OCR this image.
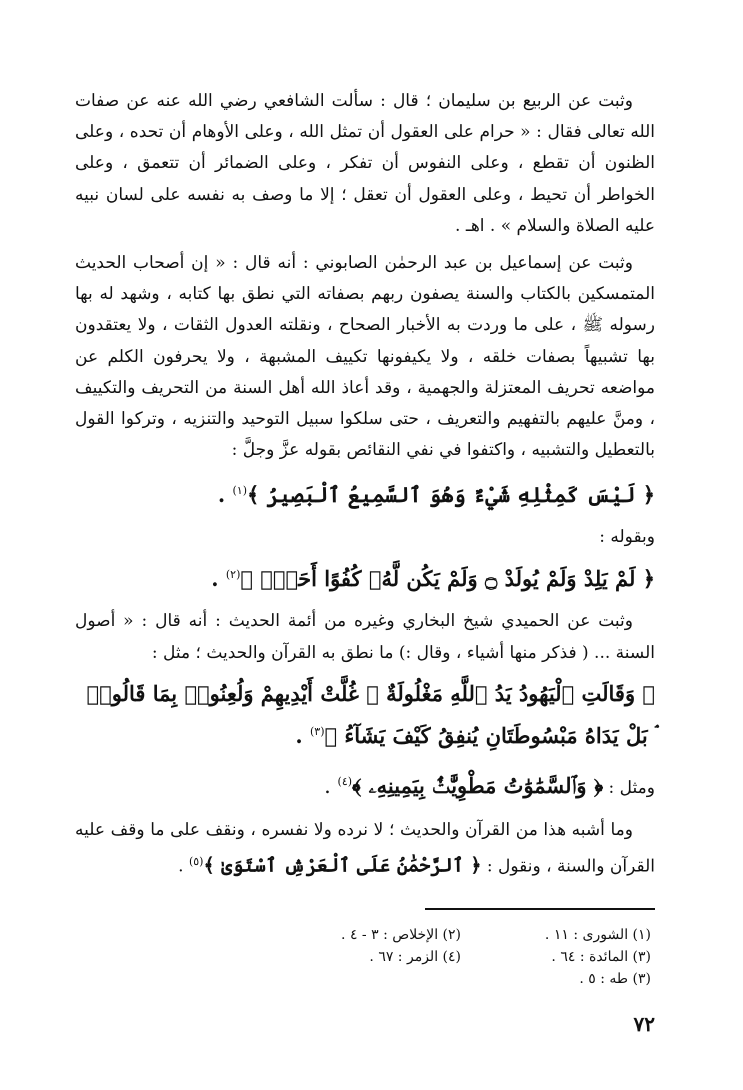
وثبت عن الربيع بن سليمان ؛ قال : سألت الشافعي رضي الله عنه عن صفات الله تعالى فقال : « حرام على العقول أن تمثل الله ، وعلى الأوهام أن تحده ، وعلى الظنون أن تقطع ، وعلى النفوس أن تفكر ، وعلى الضمائر أن تتعمق ، وعلى الخواطر أن تحيط ، وعلى العقول أن تعقل ؛ إلا ما وصف به نفسه على لسان نبيه عليه الصلاة والسلام » . اهـ .

وثبت عن إسماعيل بن عبد الرحمٰن الصابوني : أنه قال : « إن أصحاب الحديث المتمسكين بالكتاب والسنة يصفون ربهم بصفاته التي نطق بها كتابه ، وشهد له بها رسوله ﷺ ، على ما وردت به الأخبار الصحاح ، ونقلته العدول الثقات ، ولا يعتقدون بها تشبيهاً بصفات خلقه ، ولا يكيفونها تكييف المشبهة ، ولا يحرفون الكلم عن مواضعه تحريف المعتزلة والجهمية ، وقد أعاذ الله أهل السنة من التحريف والتكييف ، ومنَّ عليهم بالتفهيم والتعريف ، حتى سلكوا سبيل التوحيد والتنزيه ، وتركوا القول بالتعطيل والتشبيه ، واكتفوا في نفي النقائص بقوله عزَّ وجلَّ :

﴿ لَيْسَ كَمِثْلِهِ شَيْءٌ وَهُوَ ٱلسَّمِيعُ ٱلْبَصِيرُ ﴾$^{(١)}$ .
وبقوله :
﴿ لَمْ يَلِدْ وَلَمْ يُولَدْ ۝ وَلَمْ يَكُن لَّهُۥ كُفُوًا أَحَدٌۢ ﴾$^{(٢)}$ .

وثبت عن الحميدي شيخ البخاري وغيره من أئمة الحديث : أنه قال : « أصول السنة ... ( فذكر منها أشياء ، وقال :) ما نطق به القرآن والحديث ؛ مثل :

﴿ وَقَالَتِ ٱلْيَهُودُ يَدُ ٱللَّهِ مَغْلُولَةٌ ۚ غُلَّتْ أَيْدِيهِمْ وَلُعِنُوا۟ بِمَا قَالُوا۟ ۘ بَلْ يَدَاهُ مَبْسُوطَتَانِ يُنفِقُ كَيْفَ يَشَآءُ ﴾$^{(٣)}$ .
ومثل : ﴿ وَٱلسَّمَٰوَٰتُ مَطْوِيَّٰتٌۢ بِيَمِينِهِۦ ﴾$^{(٤)}$ .

وما أشبه هذا من القرآن والحديث ؛ لا نرده ولا نفسره ، ونقف على ما وقف عليه القرآن والسنة ، ونقول : ﴿ ٱلرَّحْمَٰنُ عَلَى ٱلْعَرْشِ ٱسْتَوَىٰ ﴾$^{(٥)}$ .

(١) الشورى : ١١ .
(٢) الإخلاص : ٣ - ٤ .
(٣) المائدة : ٦٤ .
(٤) الزمر : ٦٧ .
(٣) طه : ٥ .
٧٢
